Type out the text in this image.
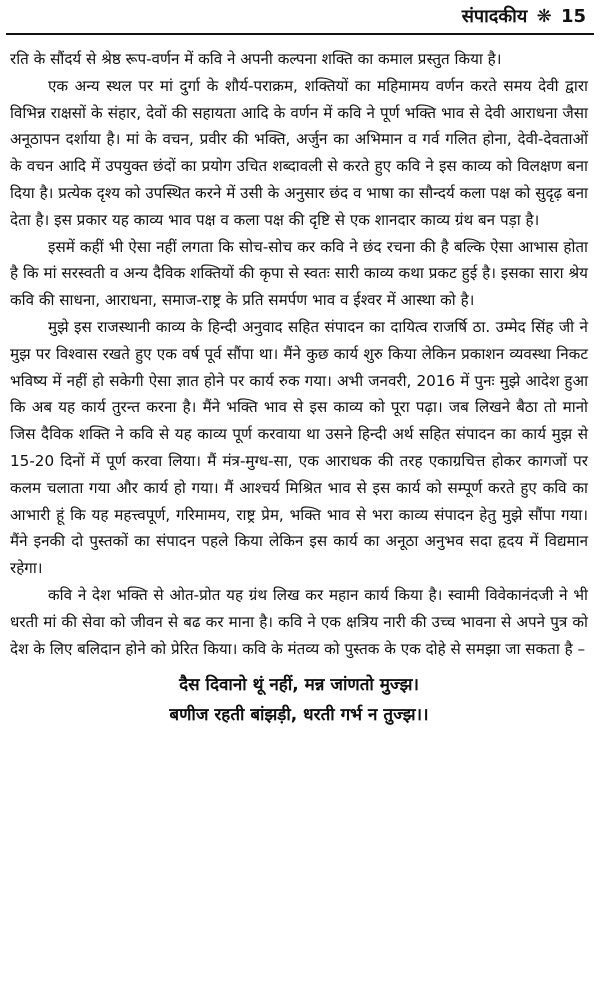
संपादकीय ❋ 15

रति के सौंदर्य से श्रेष्ठ रूप-वर्णन में कवि ने अपनी कल्पना शक्ति का कमाल प्रस्तुत किया है।

एक अन्य स्थल पर मां दुर्गा के शौर्य-पराक्रम, शक्तियों का महिमामय वर्णन करते समय देवी द्वारा विभिन्न राक्षसों के संहार, देवों की सहायता आदि के वर्णन में कवि ने पूर्ण भक्ति भाव से देवी आराधना जैसा अनूठापन दर्शाया है। मां के वचन, प्रवीर की भक्ति, अर्जुन का अभिमान व गर्व गलित होना, देवी-देवताओं के वचन आदि में उपयुक्त छंदों का प्रयोग उचित शब्दावली से करते हुए कवि ने इस काव्य को विलक्षण बना दिया है। प्रत्येक दृश्य को उपस्थित करने में उसी के अनुसार छंद व भाषा का सौन्दर्य कला पक्ष को सुदृढ़ बना देता है। इस प्रकार यह काव्य भाव पक्ष व कला पक्ष की दृष्टि से एक शानदार काव्य ग्रंथ बन पड़ा है।

इसमें कहीं भी ऐसा नहीं लगता कि सोच-सोच कर कवि ने छंद रचना की है बल्कि ऐसा आभास होता है कि मां सरस्वती व अन्य दैविक शक्तियों की कृपा से स्वतः सारी काव्य कथा प्रकट हुई है। इसका सारा श्रेय कवि की साधना, आराधना, समाज-राष्ट्र के प्रति समर्पण भाव व ईश्वर में आस्था को है।

मुझे इस राजस्थानी काव्य के हिन्दी अनुवाद सहित संपादन का दायित्व राजर्षि ठा. उम्मेद सिंह जी ने मुझ पर विश्वास रखते हुए एक वर्ष पूर्व सौंपा था। मैंने कुछ कार्य शुरु किया लेकिन प्रकाशन व्यवस्था निकट भविष्य में नहीं हो सकेगी ऐसा ज्ञात होने पर कार्य रुक गया। अभी जनवरी, 2016 में पुनः मुझे आदेश हुआ कि अब यह कार्य तुरन्त करना है। मैंने भक्ति भाव से इस काव्य को पूरा पढ़ा। जब लिखने बैठा तो मानो जिस दैविक शक्ति ने कवि से यह काव्य पूर्ण करवाया था उसने हिन्दी अर्थ सहित संपादन का कार्य मुझ से 15-20 दिनों में पूर्ण करवा लिया। मैं मंत्र-मुग्ध-सा, एक आराधक की तरह एकाग्रचित्त होकर कागजों पर कलम चलाता गया और कार्य हो गया। मैं आश्चर्य मिश्रित भाव से इस कार्य को सम्पूर्ण करते हुए कवि का आभारी हूं कि यह महत्त्वपूर्ण, गरिमामय, राष्ट्र प्रेम, भक्ति भाव से भरा काव्य संपादन हेतु मुझे सौंपा गया। मैंने इनकी दो पुस्तकों का संपादन पहले किया लेकिन इस कार्य का अनूठा अनुभव सदा हृदय में विद्यमान रहेगा।

कवि ने देश भक्ति से ओत-प्रोत यह ग्रंथ लिख कर महान कार्य किया है। स्वामी विवेकानंदजी ने भी धरती मां की सेवा को जीवन से बढ कर माना है। कवि ने एक क्षत्रिय नारी की उच्च भावना से अपने पुत्र को देश के लिए बलिदान होने को प्रेरित किया। कवि के मंतव्य को पुस्तक के एक दोहे से समझा जा सकता है –

दैस दिवानो थूं नहीं, मन्न जांणतो मुज्झ।
बणीज रहती बांझड़ी, धरती गर्भ न तुज्झ।।
